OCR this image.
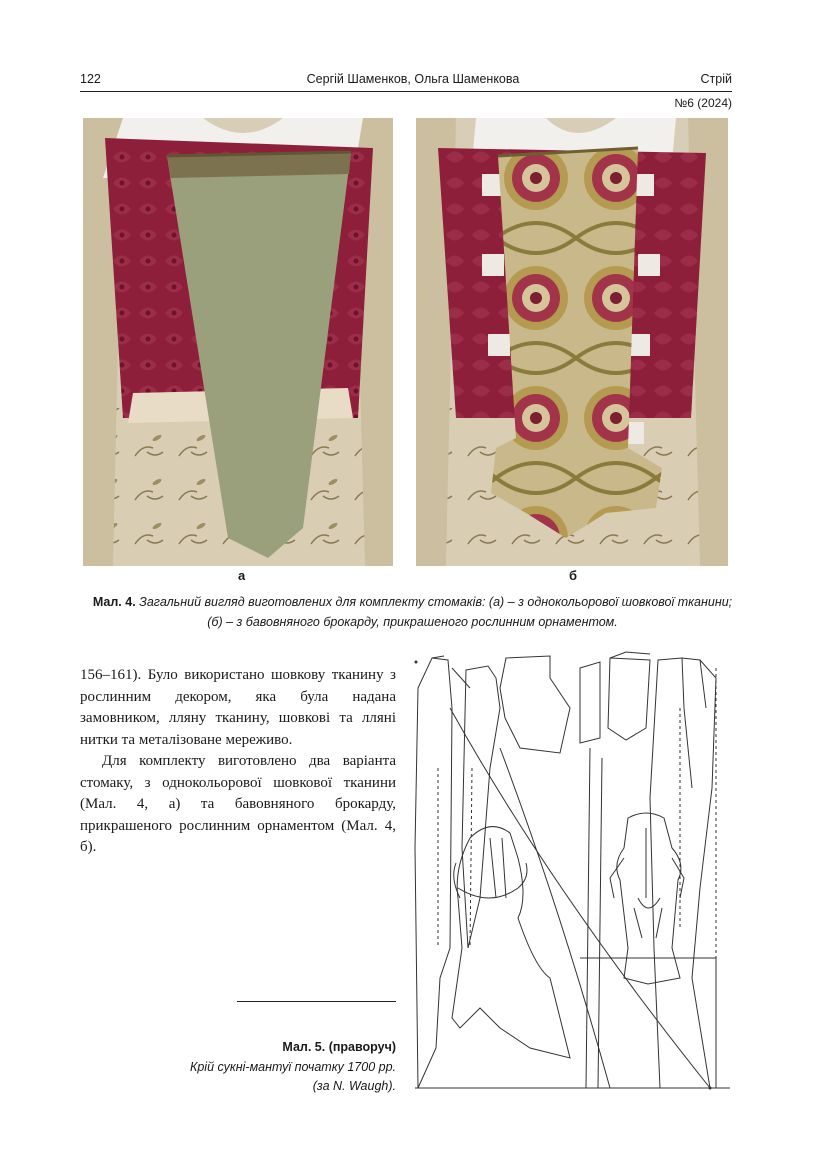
122	Сергій Шаменков, Ольга Шаменкова	Стрій
№6 (2024)
а	б
Мал. 4. Загальний вигляд виготовлених для комплекту стомаків: (а) – з однокольорової шовкової тканини;
(б) – з бавовняного брокарду, прикрашеного рослинним орнаментом.

156–161). Було використано шовкову тканину з рослинним декором, яка була надана замовником, лляну тканину, шовкові та лляні нитки та металізоване мереживо.

Для комплекту виготовлено два варіанта стомаку, з однокольорової шовкової тканини (Мал. 4, а) та бавовняного брокарду, прикрашеного рослинним орнаментом (Мал. 4, б).

Мал. 5. (праворуч)
Крій сукні-мантуї початку 1700 рр.
(за N. Waugh).
